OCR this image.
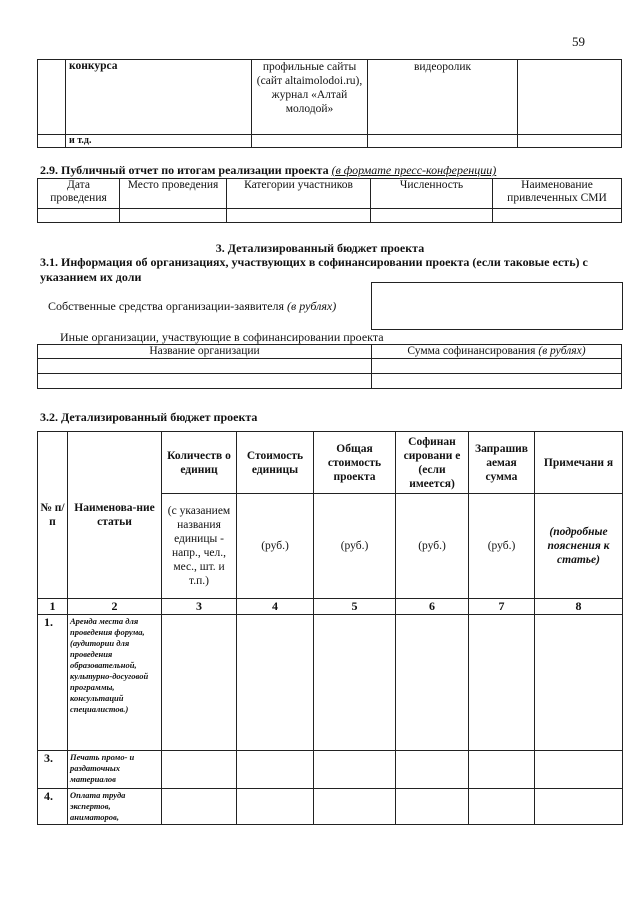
59
	конкурса	профильные сайты (сайт altaimolodoi.ru), журнал «Алтай молодой»	видеоролик	
	и т.д.			
2.9. Публичный отчет по итогам реализации проекта (в формате пресс-конференции)
Дата проведения	Место проведения	Категории участников	Численность	Наименование привлеченных СМИ

3. Детализированный бюджет проекта
3.1. Информация об организациях, участвующих в софинансировании проекта (если таковые есть) с указанием их доли
Собственные средства организации-заявителя (в рублях)
Иные организации, участвующие в софинансировании проекта
Название организации	Сумма софинансирования (в рублях)

3.2. Детализированный бюджет проекта
№ п/п	Наименова-ние статьи	Количеств о единиц	Стоимость единицы	Общая стоимость проекта	Софинан сировани е (если имеется)	Запрашив аемая сумма	Примечани я
		(с указанием названия единицы - напр., чел., мес., шт. и т.п.)	(руб.)	(руб.)	(руб.)	(руб.)	(подробные пояснения к статье)
1	2	3	4	5	6	7	8
1.	Аренда места для проведения форума, (аудитории для проведения образовательной, культурно-досуговой программы, консультаций специалистов.)						
3.	Печать промо- и раздаточных материалов						
4.	Оплата труда экспертов, аниматоров,						
